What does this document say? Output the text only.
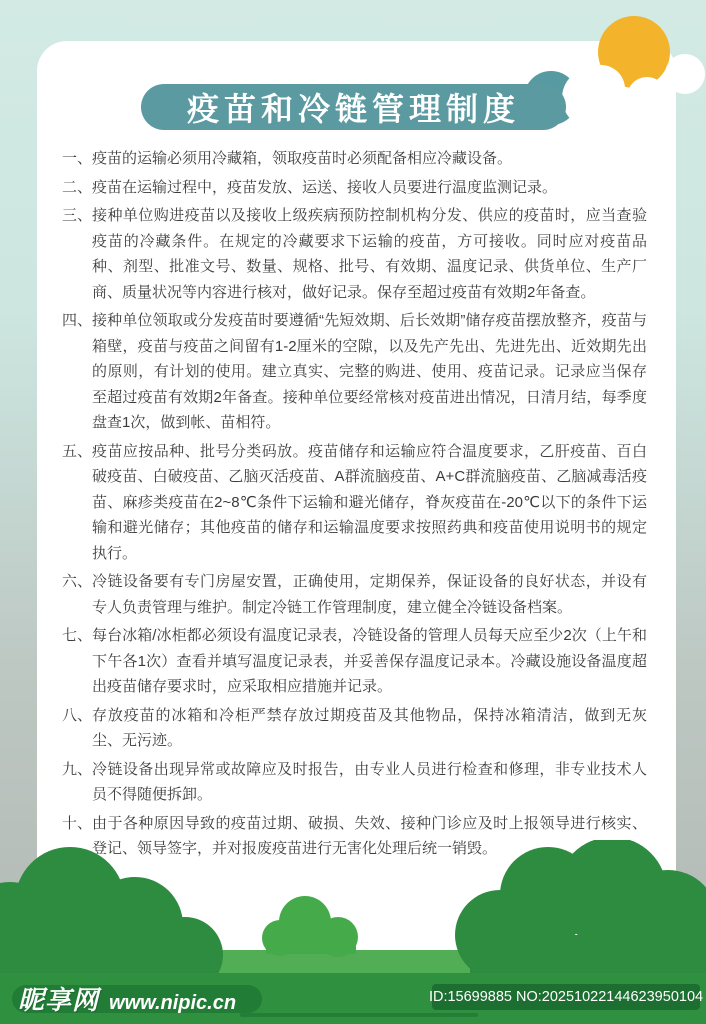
疫苗和冷链管理制度
一、 疫苗的运输必须用冷藏箱，领取疫苗时必须配备相应冷藏设备。
二、 疫苗在运输过程中，疫苗发放、运送、接收人员要进行温度监测记录。
三、 接种单位购进疫苗以及接收上级疾病预防控制机构分发、供应的疫苗时，应当查验疫苗的冷藏条件。在规定的冷藏要求下运输的疫苗，方可接收。同时应对疫苗品种、剂型、批准文号、数量、规格、批号、有效期、温度记录、供货单位、生产厂商、质量状况等内容进行核对，做好记录。保存至超过疫苗有效期2年备查。
四、 接种单位领取或分发疫苗时要遵循“先短效期、后长效期”储存疫苗摆放整齐，疫苗与箱壁，疫苗与疫苗之间留有1-2厘米的空隙，以及先产先出、先进先出、近效期先出的原则，有计划的使用。建立真实、完整的购进、使用、疫苗记录。记录应当保存至超过疫苗有效期2年备查。接种单位要经常核对疫苗进出情况，日清月结，每季度盘查1次，做到帐、苗相符。
五、 疫苗应按品种、批号分类码放。疫苗储存和运输应符合温度要求，乙肝疫苗、百白破疫苗、白破疫苗、乙脑灭活疫苗、A群流脑疫苗、A+C群流脑疫苗、乙脑减毒活疫苗、麻疹类疫苗在2~8℃条件下运输和避光储存，脊灰疫苗在-20℃以下的条件下运输和避光储存；其他疫苗的储存和运输温度要求按照药典和疫苗使用说明书的规定执行。
六、 冷链设备要有专门房屋安置，正确使用，定期保养，保证设备的良好状态，并设有专人负责管理与维护。制定冷链工作管理制度，建立健全冷链设备档案。
七、 每台冰箱/冰柜都必须设有温度记录表，冷链设备的管理人员每天应至少2次（上午和下午各1次）查看并填写温度记录表，并妥善保存温度记录本。冷藏设施设备温度超出疫苗储存要求时，应采取相应措施并记录。
八、 存放疫苗的冰箱和冷柜严禁存放过期疫苗及其他物品，保持冰箱清洁，做到无灰尘、无污迹。
九、 冷链设备出现异常或故障应及时报告，由专业人员进行检查和修理，非专业技术人员不得随便拆卸。
十、 由于各种原因导致的疫苗过期、破损、失效、接种门诊应及时上报领导进行核实、登记、领导签字，并对报废疫苗进行无害化处理后统一销毁。
昵享网 www.nipic.cn	ID:15699885 NO:20251022144623950104
